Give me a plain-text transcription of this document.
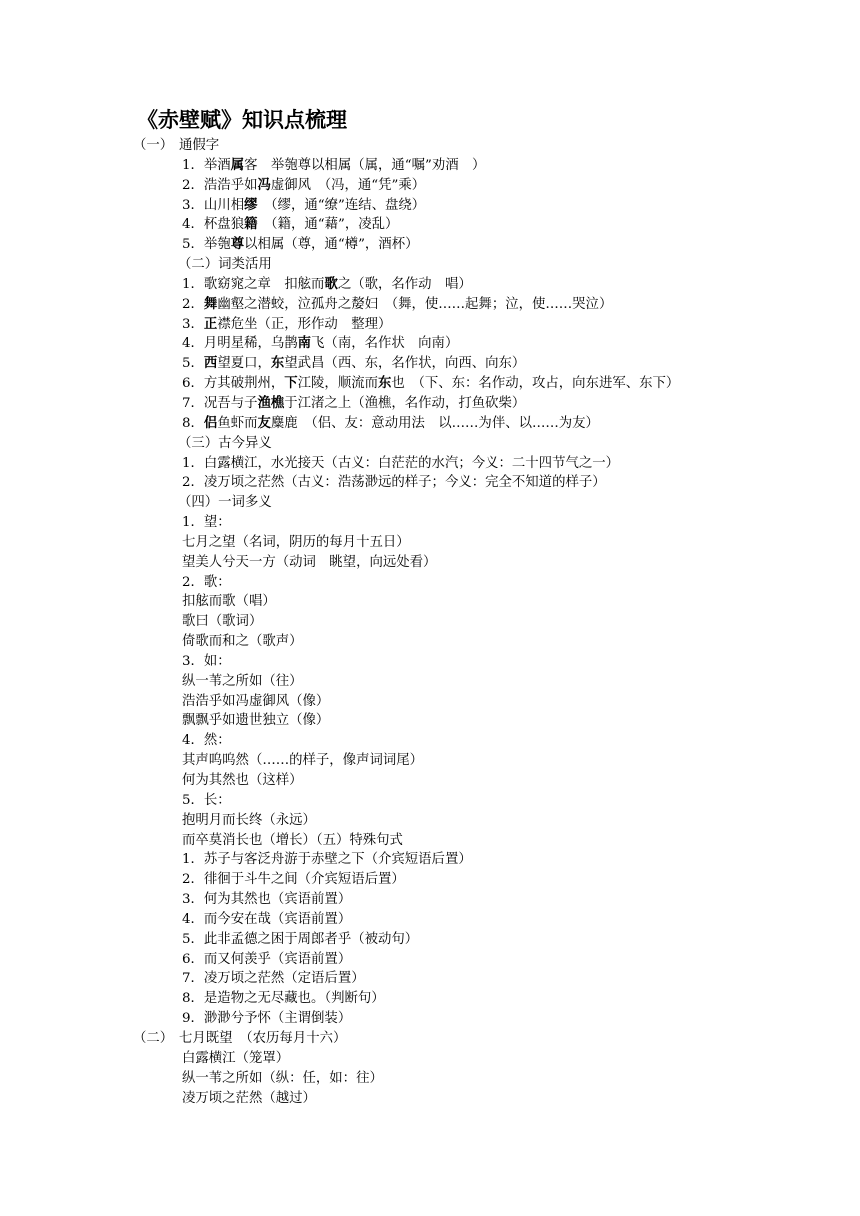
《赤壁赋》知识点梳理
（一） 通假字
1．举酒属客　举匏尊以相属（属，通“嘱”劝酒　）
2．浩浩乎如冯虚御风　（冯，通“凭”乘）
3．山川相缪　（缪，通“缭”连结、盘绕）
4．杯盘狼籍　（籍，通“藉”，凌乱）
5．举匏尊以相属（尊，通“樽”，酒杯）
（二）词类活用
1．歌窈窕之章　扣舷而歌之（歌，名作动　唱）
2．舞幽壑之潜蛟，泣孤舟之嫠妇　（舞，使……起舞；泣，使……哭泣）
3．正襟危坐（正，形作动　整理）
4．月明星稀，乌鹊南飞（南，名作状　向南）
5．西望夏口，东望武昌（西、东，名作状，向西、向东）
6．方其破荆州，下江陵，顺流而东也　（下、东：名作动，攻占，向东进军、东下）
7．况吾与子渔樵于江渚之上（渔樵，名作动，打鱼砍柴）
8．侣鱼虾而友麋鹿　（侣、友：意动用法　以……为伴、以……为友）
（三）古今异义
1．白露横江，水光接天（古义：白茫茫的水汽；今义：二十四节气之一）
2．凌万顷之茫然（古义：浩荡渺远的样子；今义：完全不知道的样子）
（四）一词多义
1．望：
七月之望（名词，阴历的每月十五日）
望美人兮天一方（动词　眺望，向远处看）
2．歌：
扣舷而歌（唱）
歌曰（歌词）
倚歌而和之（歌声）
3．如：
纵一苇之所如（往）
浩浩乎如冯虚御风（像）
飘飘乎如遗世独立（像）
4．然：
其声呜呜然（……的样子，像声词词尾）
何为其然也（这样）
5．长：
抱明月而长终（永远）
而卒莫消长也（增长）（五）特殊句式
1．苏子与客泛舟游于赤壁之下（介宾短语后置）
2．徘徊于斗牛之间（介宾短语后置）
3．何为其然也（宾语前置）
4．而今安在哉（宾语前置）
5．此非孟德之困于周郎者乎（被动句）
6．而又何羡乎（宾语前置）
7．凌万顷之茫然（定语后置）
8．是造物之无尽藏也。（判断句）
9．渺渺兮予怀（主谓倒装）
（二） 七月既望　（农历每月十六）
白露横江（笼罩）
纵一苇之所如（纵：任，如：往）
凌万顷之茫然（越过）
